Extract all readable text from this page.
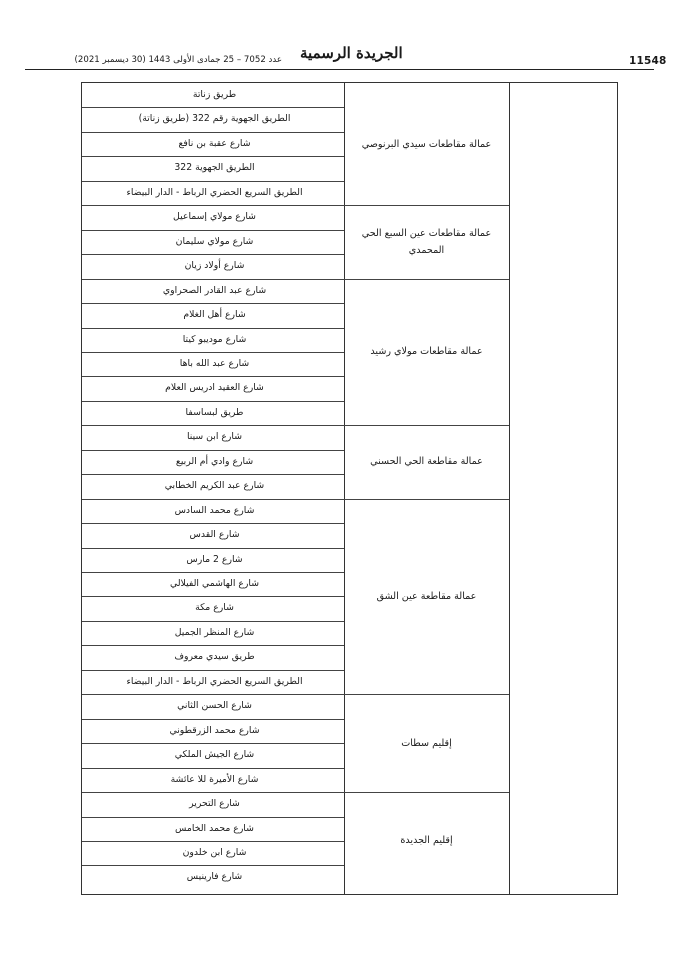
11548
الجريدة الرسمية
عدد 7052 – 25 جمادى الأولى 1443 (30 ديسمبر 2021)
طريق زناتة
الطريق الجهوية رقم 322 (طريق زناتة)
شارع عقبة بن نافع
الطريق الجهوية 322
الطريق السريع الحضري الرباط - الدار البيضاء
عمالة مقاطعات سيدي البرنوصي
شارع مولاي إسماعيل
شارع مولاي سليمان
شارع أولاد زيان
عمالة مقاطعات عين السبع الحي المحمدي
شارع عبد القادر الصحراوي
شارع أهل الغلام
شارع موديبو كيتا
شارع عبد الله باها
شارع العقيد ادريس العلام
طريق لبساسفا
عمالة مقاطعات مولاي رشيد
شارع ابن سينا
شارع وادي أم الربيع
شارع عبد الكريم الخطابي
عمالة مقاطعة الحي الحسني
شارع محمد السادس
شارع القدس
شارع 2 مارس
شارع الهاشمي الفيلالي
شارع مكة
شارع المنظر الجميل
طريق سيدي معروف
الطريق السريع الحضري الرباط - الدار البيضاء
عمالة مقاطعة عين الشق
شارع الحسن الثاني
شارع محمد الزرقطوني
شارع الجيش الملكي
شارع الأميرة للا عائشة
إقليم سطات
شارع التحرير
شارع محمد الخامس
شارع ابن خلدون
شارع فارينيس
إقليم الجديدة
